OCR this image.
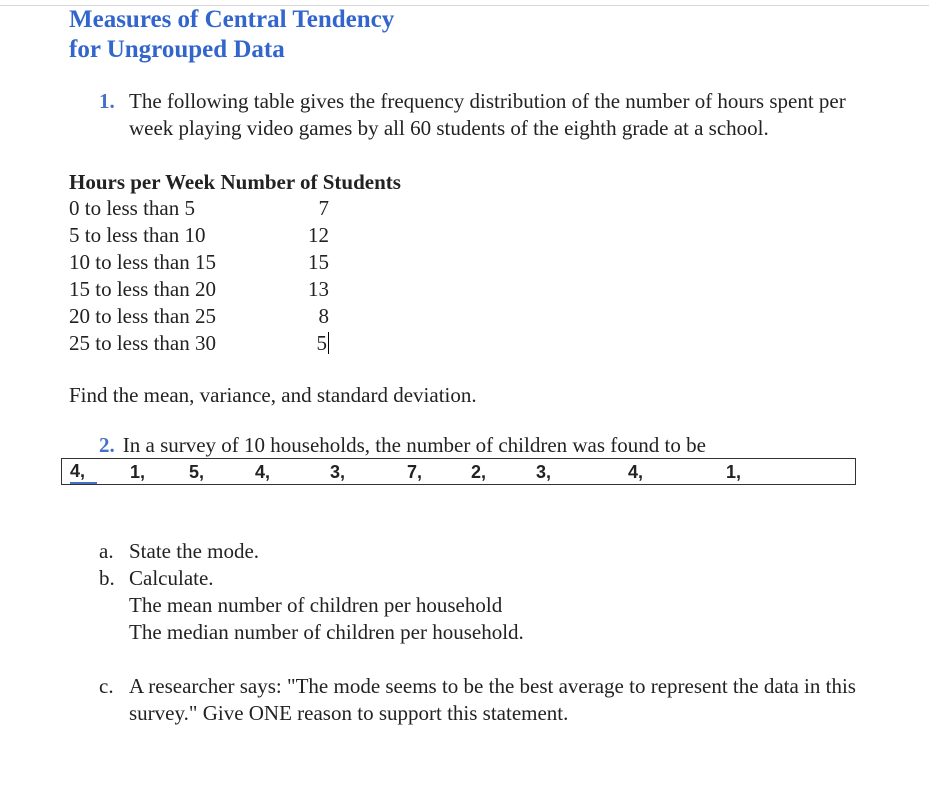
Measures of Central Tendency
for Ungrouped Data
1. The following table gives the frequency distribution of the number of hours spent per week playing video games by all 60 students of the eighth grade at a school.
Hours per Week Number of Students
0 to less than 5	7
5 to less than 10	12
10 to less than 15	15
15 to less than 20	13
20 to less than 25	8
25 to less than 30	5
Find the mean, variance, and standard deviation.
2. In a survey of 10 households, the number of children was found to be
4,	1, 5,	4,	3,	7,	2,	3,	4,	1,
a. State the mode.
b. Calculate.
The mean number of children per household
The median number of children per household.
c. A researcher says: "The mode seems to be the best average to represent the data in this survey." Give ONE reason to support this statement.
